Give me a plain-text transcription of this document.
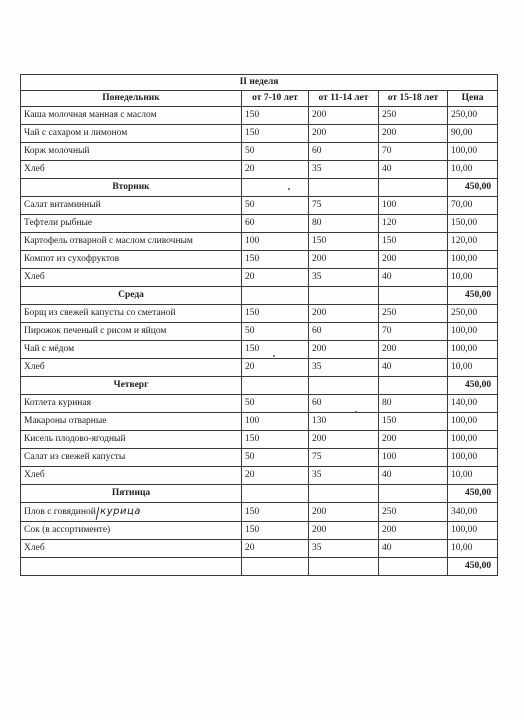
II неделя				
Понедельник	от 7-10 лет	от 11-14 лет	от 15-18 лет	Цена
Каша молочная манная с маслом	150	200	250	250,00
Чай с сахаром и лимоном	150	200	200	90,00
Корж молочный	50	60	70	100,00
Хлеб	20	35	40	10,00
Вторник				450,00
Салат витаминный	50	75	100	70,00
Тефтели рыбные	60	80	120	150,00
Картофель отварной с маслом сливочным	100	150	150	120,00
Компот из сухофруктов	150	200	200	100,00
Хлеб	20	35	40	10,00
Среда				450,00
Борщ из свежей капусты со сметаной	150	200	250	250,00
Пирожок печеный с рисом и яйцом	50	60	70	100,00
Чай с мёдом	150	200	200	100,00
Хлеб	20	35	40	10,00
Четверг				450,00
Котлета куриная	50	60	80	140,00
Макароны отварные	100	130	150	100,00
Кисель плодово-ягодный	150	200	200	100,00
Салат из свежей капусты	50	75	100	100,00
Хлеб	20	35	40	10,00
Пятница				450,00
Плов с говядиной курица	150	200	250	340,00
Сок (в ассортименте)	150	200	200	100,00
Хлеб	20	35	40	10,00
				450,00
